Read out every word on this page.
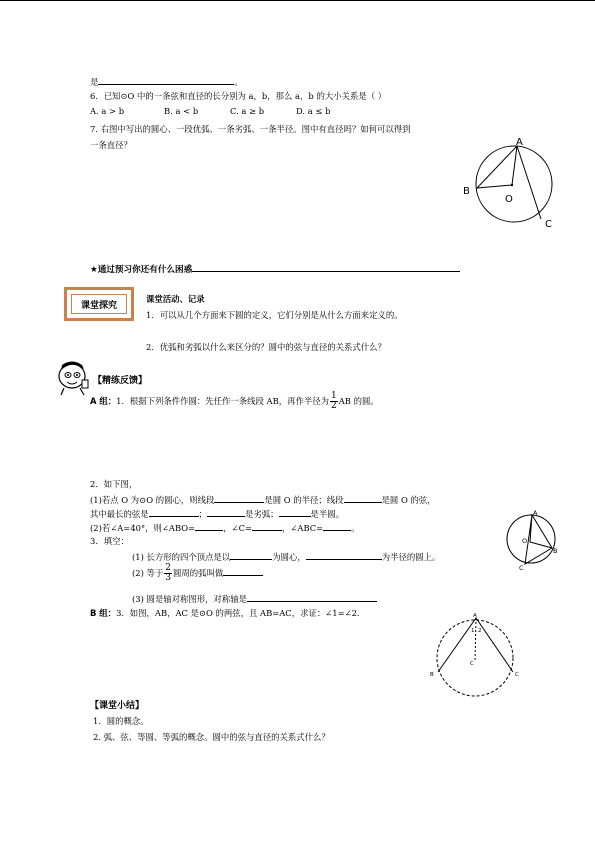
是	。
6．已知⊙O 中的一条弦和直径的长分别为 a，b，那么 a，b 的大小关系是（ ）
A. a > b	B. a < b	C. a ≥ b	D. a ≤ b
7. 右图中写出的圆心、一段优弧、一条劣弧、一条半径。图中有直径吗？如何可以得到
一条直径？	A
B
O
C
★通过预习你还有什么困惑
课堂探究
课堂活动、记录
1．可以从几个方面来下圆的定义，它们分别是从什么方面来定义的。
2．优弧和劣弧以什么来区分的？圆中的弦与直径的关系式什么？
【精练反馈】
A 组：1．根据下列条件作圆：先任作一条线段 AB，再作半径为 $\frac{1}{2}$ AB 的圆。
2．如下图，
(1)若点 O 为⊙O 的圆心，则线段	是圆 O 的半径；线段	是圆 O 的弦，
其中最长的弦是	；	是劣弧；	是半圆。
(2)若∠A=40°，则∠ABO=	，∠C=	，∠ABC=	。
A
O
B
C
3．填空：
(1) 长方形的四个顶点是以	为圆心，	为半径的圆上。
(2) 等于 $\frac{2}{3}$ 圆周的弧叫做
(3) 圆是轴对称图形，对称轴是
B 组：3．如图，AB，AC 是⊙O 的两弦，且 AB=AC，求证：∠1=∠2.	A
1 2
C
B	C
【课堂小结】
1．圆的概念。
2. 弧、弦、等圆、等弧的概念。圆中的弦与直径的关系式什么？
